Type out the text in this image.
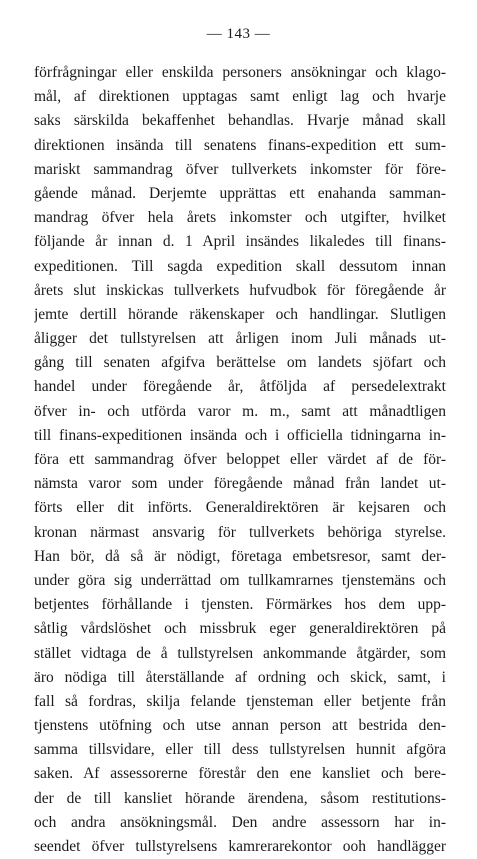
— 143 —
förfrågningar eller enskilda personers ansökningar och klago-
mål, af direktionen upptagas samt enligt lag och hvarje
saks särskilda bekaffenhet behandlas. Hvarje månad skall
direktionen insända till senatens finans-expedition ett sum-
mariskt sammandrag öfver tullverkets inkomster för före-
gående månad. Derjemte upprättas ett enahanda samman-
mandrag öfver hela årets inkomster och utgifter, hvilket
följande år innan d. 1 April insändes likaledes till finans-
expeditionen. Till sagda expedition skall dessutom innan
årets slut inskickas tullverkets hufvudbok för föregående år
jemte dertill hörande räkenskaper och handlingar. Slutligen
åligger det tullstyrelsen att årligen inom Juli månads ut-
gång till senaten afgifva berättelse om landets sjöfart och
handel under föregående år, åtföljda af persedelextrakt
öfver in- och utförda varor m. m., samt att månadtligen
till finans-expeditionen insända och i officiella tidningarna in-
föra ett sammandrag öfver beloppet eller värdet af de för-
nämsta varor som under föregående månad från landet ut-
förts eller dit införts. Generaldirektören är kejsaren och
kronan närmast ansvarig för tullverkets behöriga styrelse.
Han bör, då så är nödigt, företaga embetsresor, samt der-
under göra sig underrättad om tullkamrarnes tjenstemäns och
betjentes förhållande i tjensten. Förmärkes hos dem upp-
såtlig vårdslöshet och missbruk eger generaldirektören på
stället vidtaga de å tullstyrelsen ankommande åtgärder, som
äro nödiga till återställande af ordning och skick, samt, i
fall så fordras, skilja felande tjensteman eller betjente från
tjenstens utöfning och utse annan person att bestrida den-
samma tillsvidare, eller till dess tullstyrelsen hunnit afgöra
saken. Af assessorerne förestår den ene kansliet och bere-
der de till kansliet hörande ärendena, såsom restitutions-
och andra ansökningsmål. Den andre assessorn har in-
seendet öfver tullstyrelsens kamrerarekontor ooh handlägger
